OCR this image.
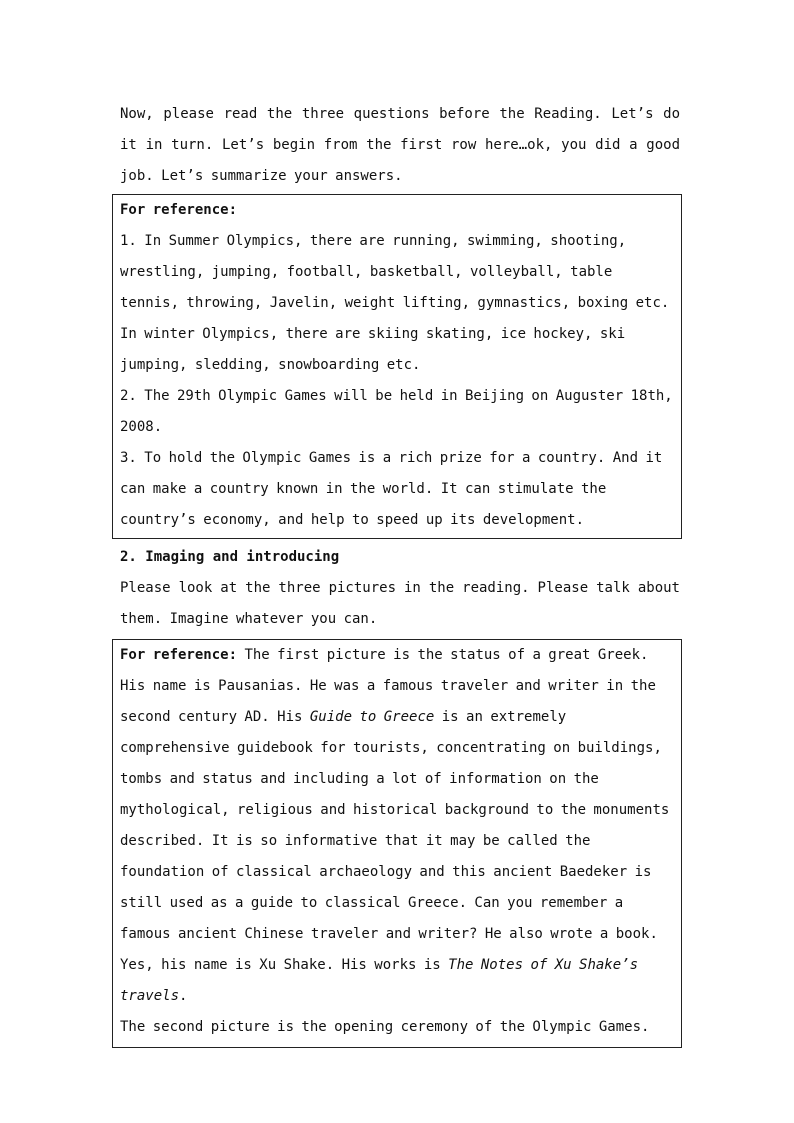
Now, please read the three questions before the Reading. Let’s do it in turn. Let’s begin from the first row here…ok, you did a good job. Let’s summarize your answers.

For reference:

1. In Summer Olympics, there are running, swimming, shooting, wrestling, jumping, football, basketball, volleyball, table tennis, throwing, Javelin, weight lifting, gymnastics, boxing etc.

In winter Olympics, there are skiing skating, ice hockey, ski jumping, sledding, snowboarding etc.

2. The 29th Olympic Games will be held in Beijing on Auguster 18th, 2008.

3. To hold the Olympic Games is a rich prize for a country. And it can make a country known in the world. It can stimulate the country’s economy, and help to speed up its development.

2. Imaging and introducing

Please look at the three pictures in the reading. Please talk about them. Imagine whatever you can.

For reference: The first picture is the status of a great Greek. His name is Pausanias. He was a famous traveler and writer in the second century AD. His Guide to Greece is an extremely comprehensive guidebook for tourists, concentrating on buildings, tombs and status and including a lot of information on the mythological, religious and historical background to the monuments described. It is so informative that it may be called the foundation of classical archaeology and this ancient Baedeker is still used as a guide to classical Greece. Can you remember a famous ancient Chinese traveler and writer? He also wrote a book. Yes, his name is Xu Shake. His works is The Notes of Xu Shake’s travels.

The second picture is the opening ceremony of the Olympic Games.
